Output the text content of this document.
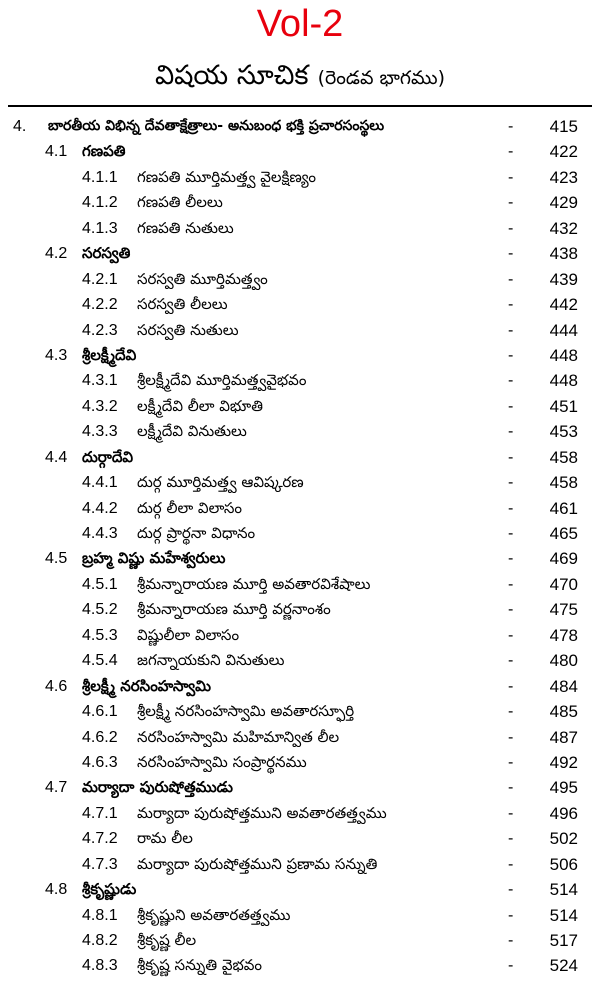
Vol-2
విషయ సూచిక (రెండవ భాగము)
4. బారతీయ విభిన్న దేవతాక్షేత్రాలు- అనుబంధ భక్తి ప్రచారసంస్థలు	- 415
4.1 గణపతి	- 422
4.1.1 గణపతి మూర్తిమత్త్వ వైలక్షిణ్యం	- 423
4.1.2 గణపతి లీలలు	- 429
4.1.3 గణపతి నుతులు	- 432
4.2 సరస్వతి	- 438
4.2.1 సరస్వతి మూర్తిమత్త్వం	- 439
4.2.2 సరస్వతి లీలలు	- 442
4.2.3 సరస్వతి నుతులు	- 444
4.3 శ్రీలక్ష్మీదేవి	- 448
4.3.1 శ్రీలక్ష్మీదేవి మూర్తిమత్త్వవైభవం	- 448
4.3.2 లక్ష్మీదేవి లీలా విభూతి	- 451
4.3.3 లక్ష్మీదేవి వినుతులు	- 453
4.4 దుర్గాదేవి	- 458
4.4.1 దుర్గ మూర్తిమత్త్వ ఆవిష్కరణ	- 458
4.4.2 దుర్గ లీలా విలాసం	- 461
4.4.3 దుర్గ ప్రార్థనా విధానం	- 465
4.5 బ్రహ్మ విష్ణు మహేశ్వరులు	- 469
4.5.1 శ్రీమన్నారాయణ మూర్తి అవతారవిశేషాలు	- 470
4.5.2 శ్రీమన్నారాయణ మూర్తి వర్ణనాంశం	- 475
4.5.3 విష్ణులీలా విలాసం	- 478
4.5.4 జగన్నాయకుని వినుతులు	- 480
4.6 శ్రీలక్ష్మీ నరసింహస్వామి	- 484
4.6.1 శ్రీలక్ష్మీ నరసింహస్వామి అవతారస్ఫూర్తి	- 485
4.6.2 నరసింహస్వామి మహిమాన్విత లీల	- 487
4.6.3 నరసింహస్వామి సంప్రార్థనము	- 492
4.7 మర్యాదా పురుషోత్తముడు	- 495
4.7.1 మర్యాదా పురుషోత్తముని అవతారతత్త్వము	- 496
4.7.2 రామ లీల	- 502
4.7.3 మర్యాదా పురుషోత్తముని ప్రణామ సన్నుతి	- 506
4.8 శ్రీకృష్ణుడు	- 514
4.8.1 శ్రీకృష్ణుని అవతారతత్త్వము	- 514
4.8.2 శ్రీకృష్ణ లీల	- 517
4.8.3 శ్రీకృష్ణ సన్నుతి వైభవం	- 524
